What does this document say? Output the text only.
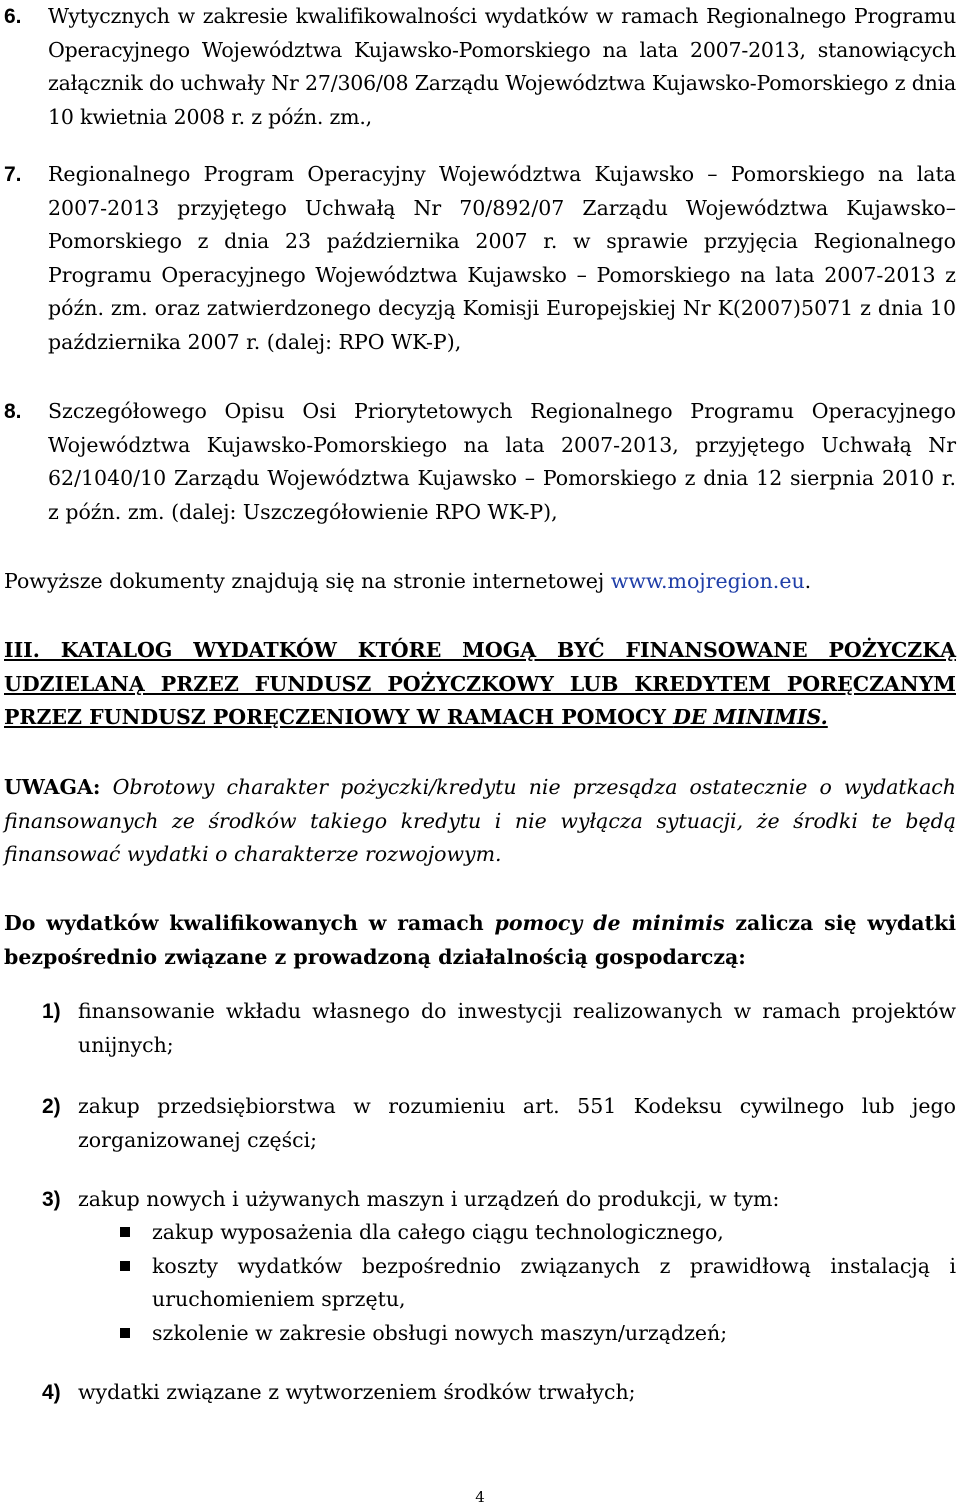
6. Wytycznych w zakresie kwalifikowalności wydatków w ramach Regionalnego Programu Operacyjnego Województwa Kujawsko-Pomorskiego na lata 2007-2013, stanowiących załącznik do uchwały Nr 27/306/08 Zarządu Województwa Kujawsko-Pomorskiego z dnia 10 kwietnia 2008 r. z późn. zm.,
7. Regionalnego Program Operacyjny Województwa Kujawsko – Pomorskiego na lata 2007-2013 przyjętego Uchwałą Nr 70/892/07 Zarządu Województwa Kujawsko–Pomorskiego z dnia 23 października 2007 r. w sprawie przyjęcia Regionalnego Programu Operacyjnego Województwa Kujawsko – Pomorskiego na lata 2007-2013 z późn. zm. oraz zatwierdzonego decyzją Komisji Europejskiej Nr K(2007)5071 z dnia 10 października 2007 r. (dalej: RPO WK-P),
8. Szczegółowego Opisu Osi Priorytetowych Regionalnego Programu Operacyjnego Województwa Kujawsko-Pomorskiego na lata 2007-2013, przyjętego Uchwałą Nr 62/1040/10 Zarządu Województwa Kujawsko – Pomorskiego z dnia 12 sierpnia 2010 r. z późn. zm. (dalej: Uszczegółowienie RPO WK-P),
Powyższe dokumenty znajdują się na stronie internetowej www.mojregion.eu.
III. KATALOG WYDATKÓW KTÓRE MOGĄ BYĆ FINANSOWANE POŻYCZKĄ UDZIELANĄ PRZEZ FUNDUSZ POŻYCZKOWY LUB KREDYTEM PORĘCZANYM PRZEZ FUNDUSZ PORĘCZENIOWY W RAMACH POMOCY DE MINIMIS.
UWAGA: Obrotowy charakter pożyczki/kredytu nie przesądza ostatecznie o wydatkach finansowanych ze środków takiego kredytu i nie wyłącza sytuacji, że środki te będą finansować wydatki o charakterze rozwojowym.
Do wydatków kwalifikowanych w ramach pomocy de minimis zalicza się wydatki bezpośrednio związane z prowadzoną działalnością gospodarczą:
1) finansowanie wkładu własnego do inwestycji realizowanych w ramach projektów unijnych;
2) zakup przedsiębiorstwa w rozumieniu art. 551 Kodeksu cywilnego lub jego zorganizowanej części;
3) zakup nowych i używanych maszyn i urządzeń do produkcji, w tym:
zakup wyposażenia dla całego ciągu technologicznego,
koszty wydatków bezpośrednio związanych z prawidłową instalacją i uruchomieniem sprzętu,
szkolenie w zakresie obsługi nowych maszyn/urządzeń;
4) wydatki związane z wytworzeniem środków trwałych;
4
